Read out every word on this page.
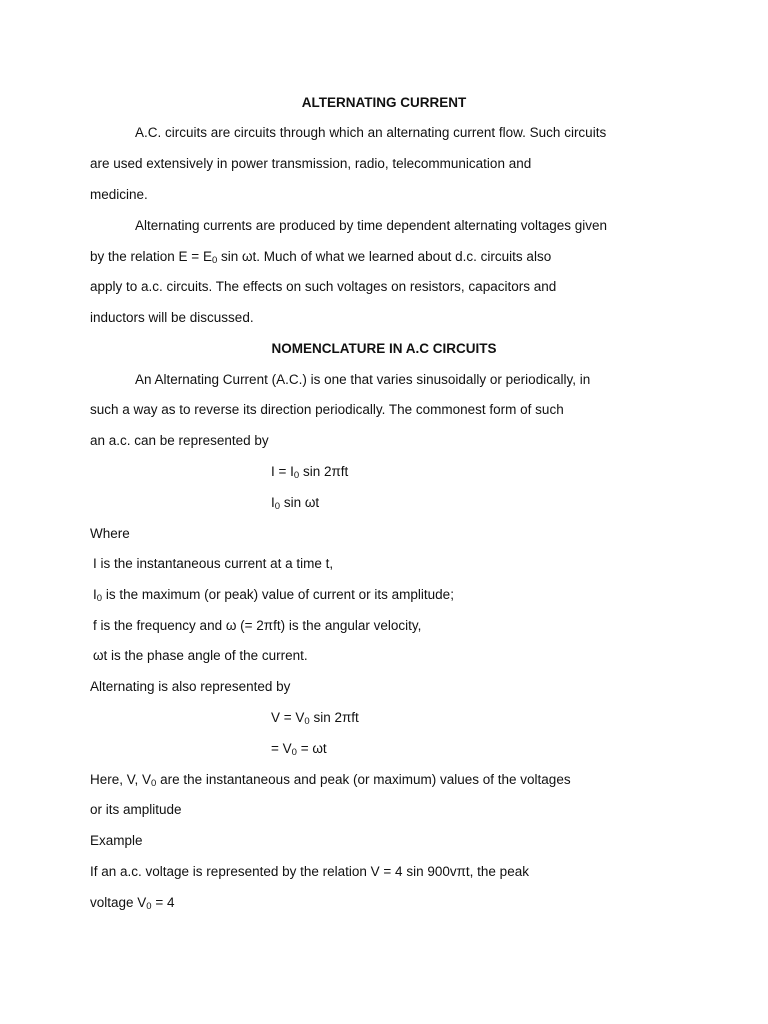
ALTERNATING CURRENT
A.C. circuits are circuits through which an alternating current flow. Such circuits
are used extensively in power transmission, radio, telecommunication and
medicine.
Alternating currents are produced by time dependent alternating voltages given
by the relation $E = E_0$ sin ωt. Much of what we learned about d.c. circuits also
apply to a.c. circuits. The effects on such voltages on resistors, capacitors and
inductors will be discussed.
NOMENCLATURE IN A.C CIRCUITS
An Alternating Current (A.C.) is one that varies sinusoidally or periodically, in
such a way as to reverse its direction periodically. The commonest form of such
an a.c. can be represented by
$I = I_0$ sin 2πft
$I_0$ sin ωt
Where
I is the instantaneous current at a time t,
$I_0$ is the maximum (or peak) value of current or its amplitude;
f is the frequency and ω (= 2πft) is the angular velocity,
ωt is the phase angle of the current.
Alternating is also represented by
$V = V_0$ sin 2πft
= $V_0 = \omega t$
Here, V, $V_0$ are the instantaneous and peak (or maximum) values of the voltages
or its amplitude
Example
If an a.c. voltage is represented by the relation V = 4 sin 900vπt, the peak
voltage $V_0 = 4$
